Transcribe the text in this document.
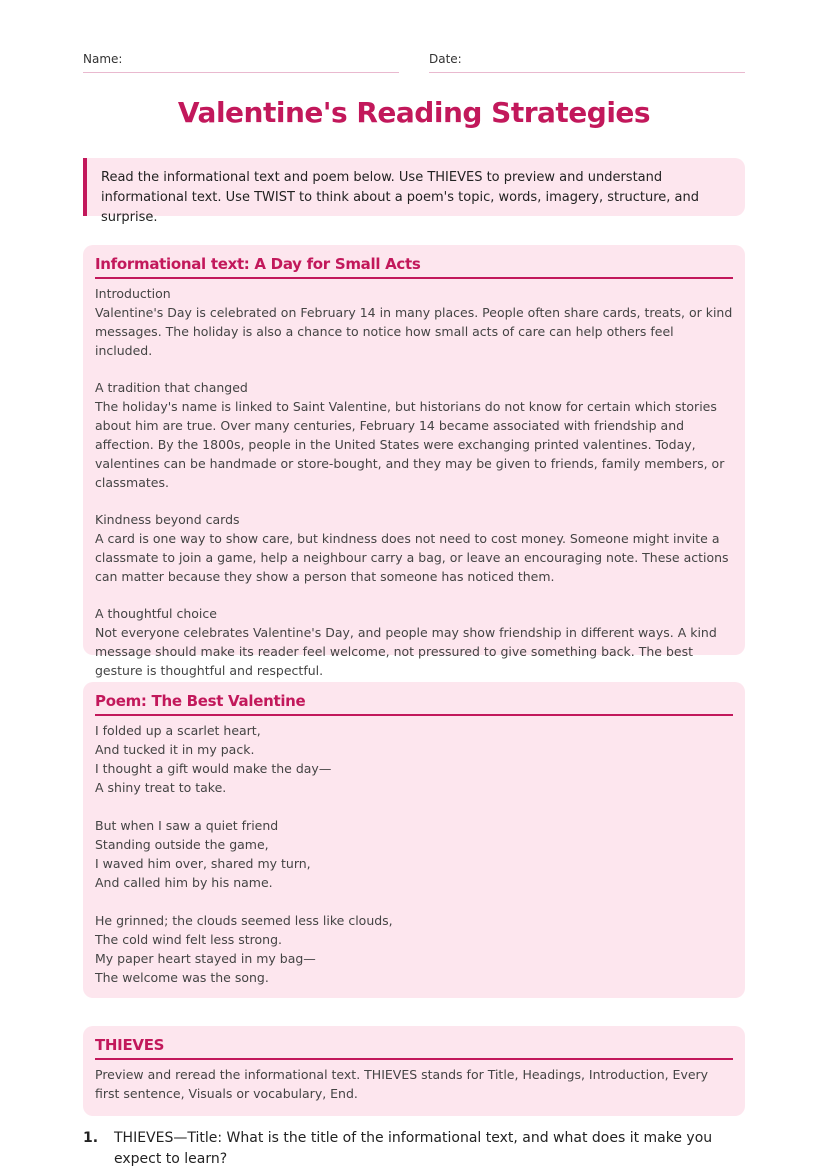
Name:	Date:
Valentine's Reading Strategies
Read the informational text and poem below. Use THIEVES to preview and understand informational text. Use TWIST to think about a poem's topic, words, imagery, structure, and surprise.
Informational text: A Day for Small Acts
Introduction
Valentine's Day is celebrated on February 14 in many places. People often share cards, treats, or kind messages. The holiday is also a chance to notice how small acts of care can help others feel included.
A tradition that changed
The holiday's name is linked to Saint Valentine, but historians do not know for certain which stories about him are true. Over many centuries, February 14 became associated with friendship and affection. By the 1800s, people in the United States were exchanging printed valentines. Today, valentines can be handmade or store-bought, and they may be given to friends, family members, or classmates.
Kindness beyond cards
A card is one way to show care, but kindness does not need to cost money. Someone might invite a classmate to join a game, help a neighbour carry a bag, or leave an encouraging note. These actions can matter because they show a person that someone has noticed them.
A thoughtful choice
Not everyone celebrates Valentine's Day, and people may show friendship in different ways. A kind message should make its reader feel welcome, not pressured to give something back. The best gesture is thoughtful and respectful.
Poem: The Best Valentine
I folded up a scarlet heart,
And tucked it in my pack.
I thought a gift would make the day—
A shiny treat to take.
But when I saw a quiet friend
Standing outside the game,
I waved him over, shared my turn,
And called him by his name.
He grinned; the clouds seemed less like clouds,
The cold wind felt less strong.
My paper heart stayed in my bag—
The welcome was the song.
THIEVES
Preview and reread the informational text. THIEVES stands for Title, Headings, Introduction, Every first sentence, Visuals or vocabulary, End.
1.	THIEVES—Title: What is the title of the informational text, and what does it make you expect to learn?
